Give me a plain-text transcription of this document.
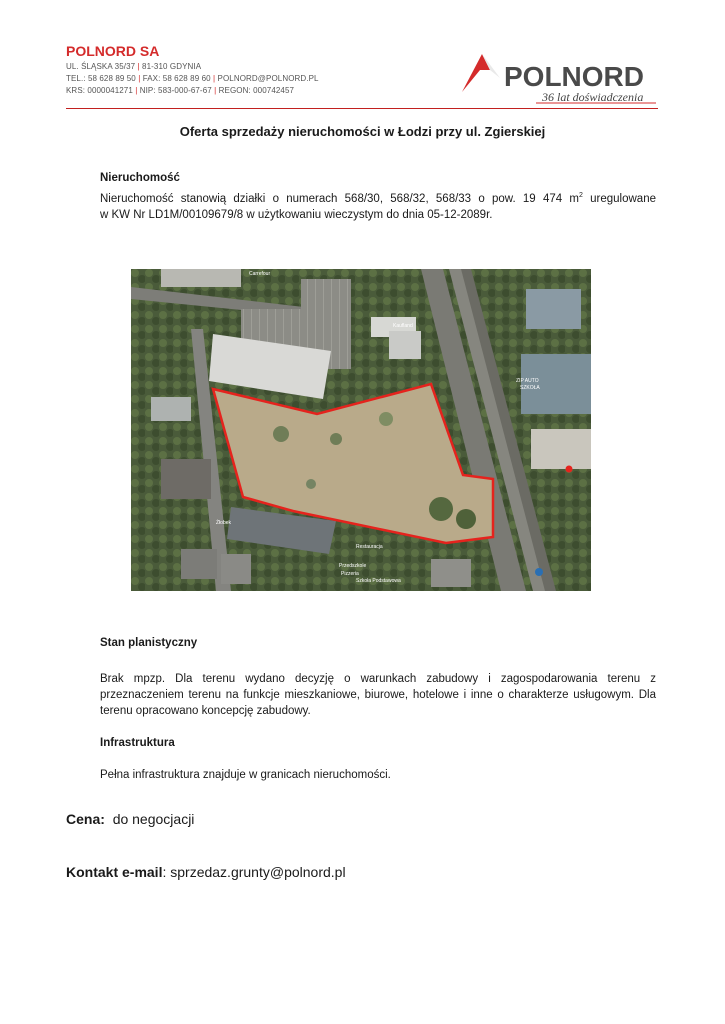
POLNORD SA
UL. ŚLĄSKA 35/37 | 81-310 GDYNIA
TEL.: 58 628 89 50 | FAX: 58 628 89 60 | POLNORD@POLNORD.PL
KRS: 0000041271 | NIP: 583-000-67-67 | REGON: 000742457	POLNORD
36 lat doświadczenia
Oferta sprzedaży nieruchomości w Łodzi przy ul. Zgierskiej
Nieruchomość
Nieruchomość stanowią działki o numerach 568/30, 568/32, 568/33 o pow. 19 474 $m^2$ uregulowane
w KW Nr LD1M/00109679/8 w użytkowaniu wieczystym do dnia 05-12-2089r.
Carrefour
Kaufland
ZIP AUTO
SZKOŁA
Restauracja
Przedszkole
Pizzeria
Szkoła Podstawowa
Żłobek
Stan planistyczny
Brak mpzp. Dla terenu wydano decyzję o warunkach zabudowy i zagospodarowania terenu z przeznaczeniem terenu na funkcje mieszkaniowe, biurowe, hotelowe i inne o charakterze usługowym. Dla terenu opracowano koncepcję zabudowy.
Infrastruktura
Pełna infrastruktura znajduje w granicach nieruchomości.
Cena: do negocjacji
Kontakt e-mail: sprzedaz.grunty@polnord.pl
